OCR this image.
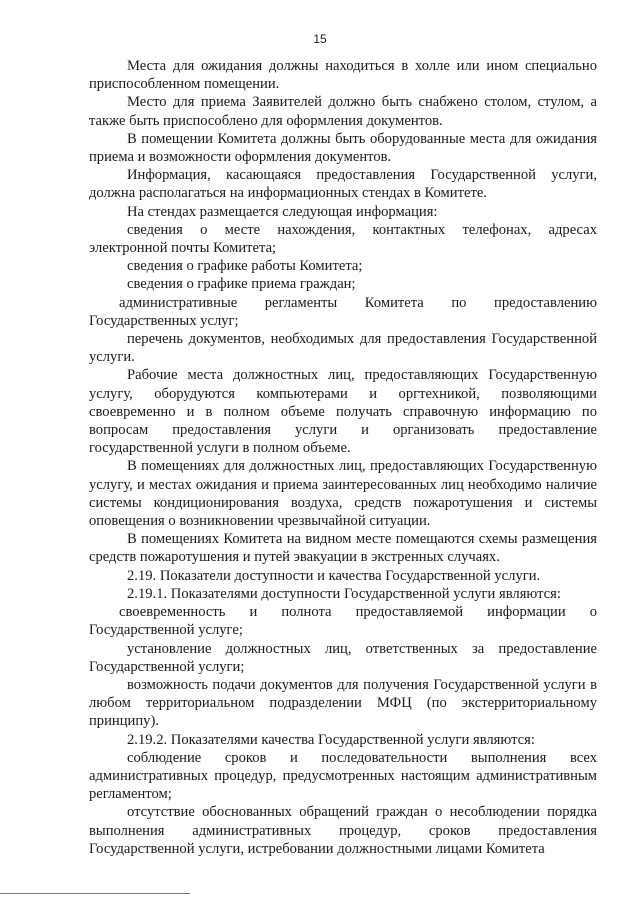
15

Места для ожидания должны находиться в холле или ином специально приспособленном помещении.

Место для приема Заявителей должно быть снабжено столом, стулом, а также быть приспособлено для оформления документов.

В помещении Комитета должны быть оборудованные места для ожидания приема и возможности оформления документов.

Информация, касающаяся предоставления Государственной услуги, должна располагаться на информационных стендах в Комитете.

На стендах размещается следующая информация:

сведения о месте нахождения, контактных телефонах, адресах электронной почты Комитета;

сведения о графике работы Комитета;

сведения о графике приема граждан;

административные регламенты Комитета по предоставлению Государственных услуг;

перечень документов, необходимых для предоставления Государственной услуги.

Рабочие места должностных лиц, предоставляющих Государственную услугу, оборудуются компьютерами и оргтехникой, позволяющими своевременно и в полном объеме получать справочную информацию по вопросам предоставления услуги и организовать предоставление государственной услуги в полном объеме.

В помещениях для должностных лиц, предоставляющих Государственную услугу, и местах ожидания и приема заинтересованных лиц необходимо наличие системы кондиционирования воздуха, средств пожаротушения и системы оповещения о возникновении чрезвычайной ситуации.

В помещениях Комитета на видном месте помещаются схемы размещения средств пожаротушения и путей эвакуации в экстренных случаях.

2.19. Показатели доступности и качества Государственной услуги.

2.19.1. Показателями доступности Государственной услуги являются:

своевременность и полнота предоставляемой информации о Государственной услуге;

установление должностных лиц, ответственных за предоставление Государственной услуги;

возможность подачи документов для получения Государственной услуги в любом территориальном подразделении МФЦ (по экстерриториальному принципу).

2.19.2. Показателями качества Государственной услуги являются:

соблюдение сроков и последовательности выполнения всех административных процедур, предусмотренных настоящим административным регламентом;

отсутствие обоснованных обращений граждан о несоблюдении порядка выполнения административных процедур, сроков предоставления Государственной услуги, истребовании должностными лицами Комитета
